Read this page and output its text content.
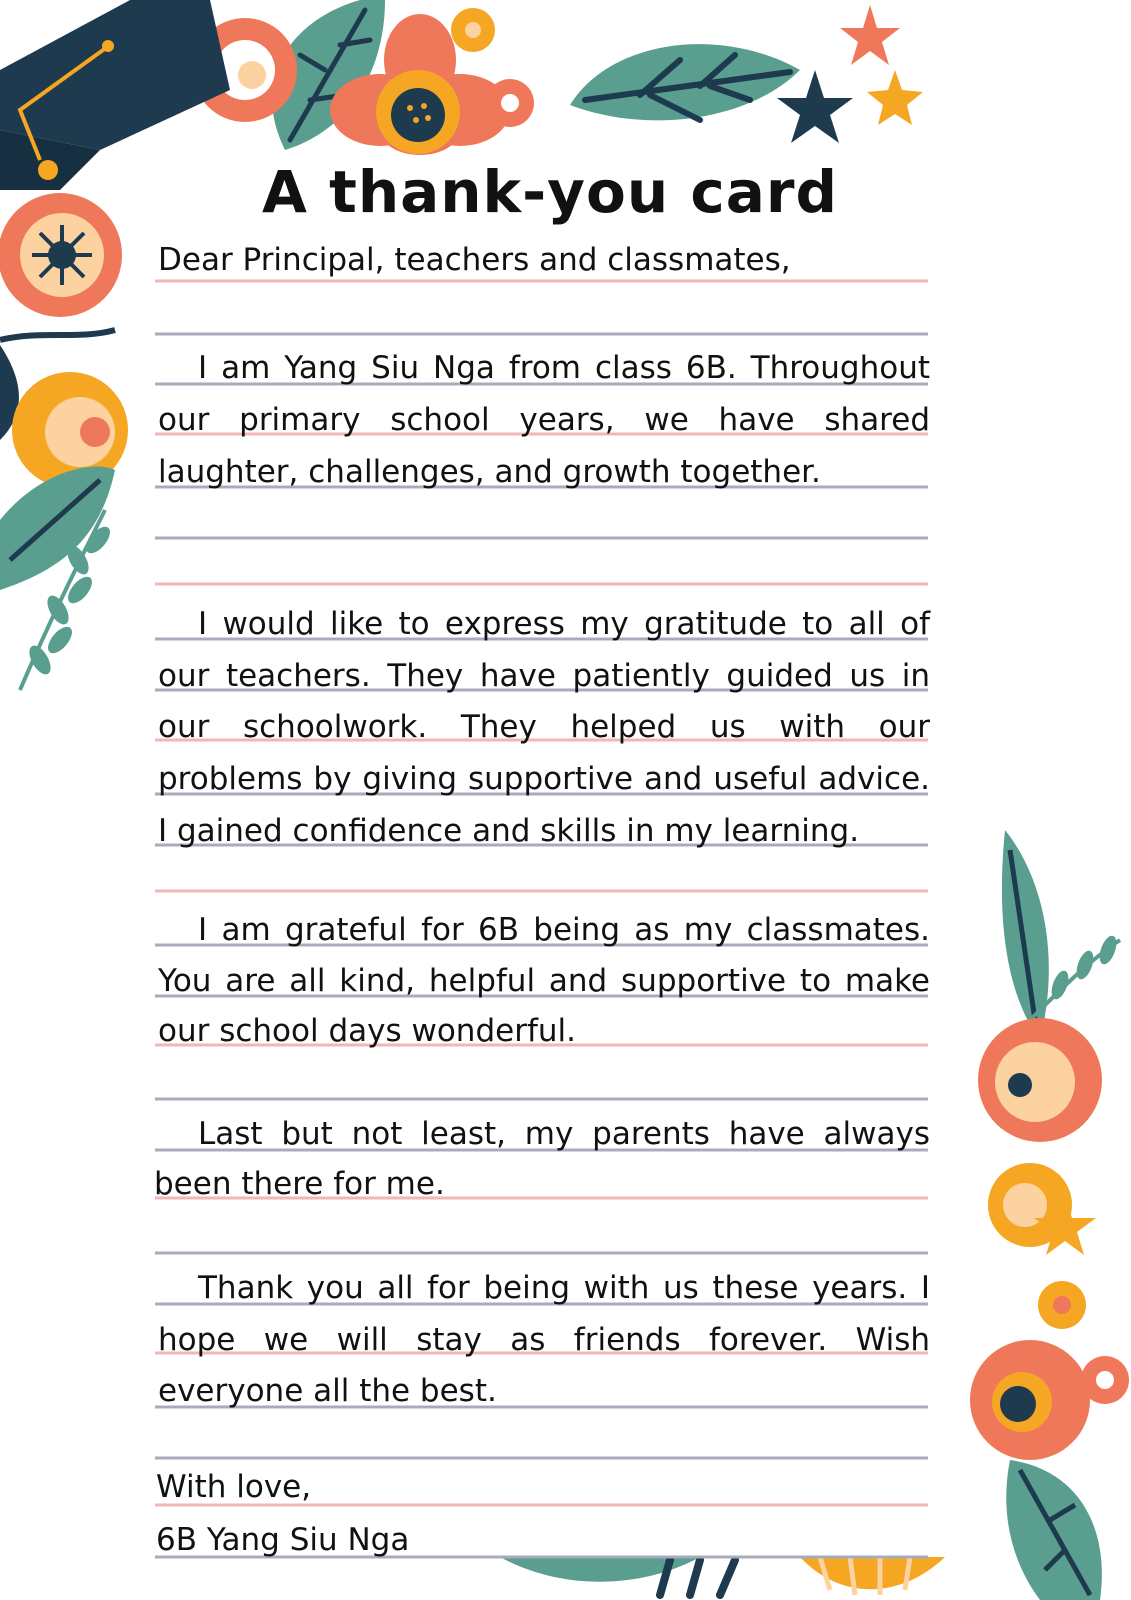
A thank-you card
Dear Principal, teachers and classmates,
I am Yang Siu Nga from class 6B. Throughout
our primary school years, we have shared
laughter, challenges, and growth together.
I would like to express my gratitude to all of
our teachers. They have patiently guided us in
our schoolwork. They helped us with our
problems by giving supportive and useful advice.
I gained confidence and skills in my learning.
I am grateful for 6B being as my classmates.
You are all kind, helpful and supportive to make
our school days wonderful.
Last but not least, my parents have always
been there for me.
Thank you all for being with us these years. I
hope we will stay as friends forever. Wish
everyone all the best.
With love,
6B Yang Siu Nga
